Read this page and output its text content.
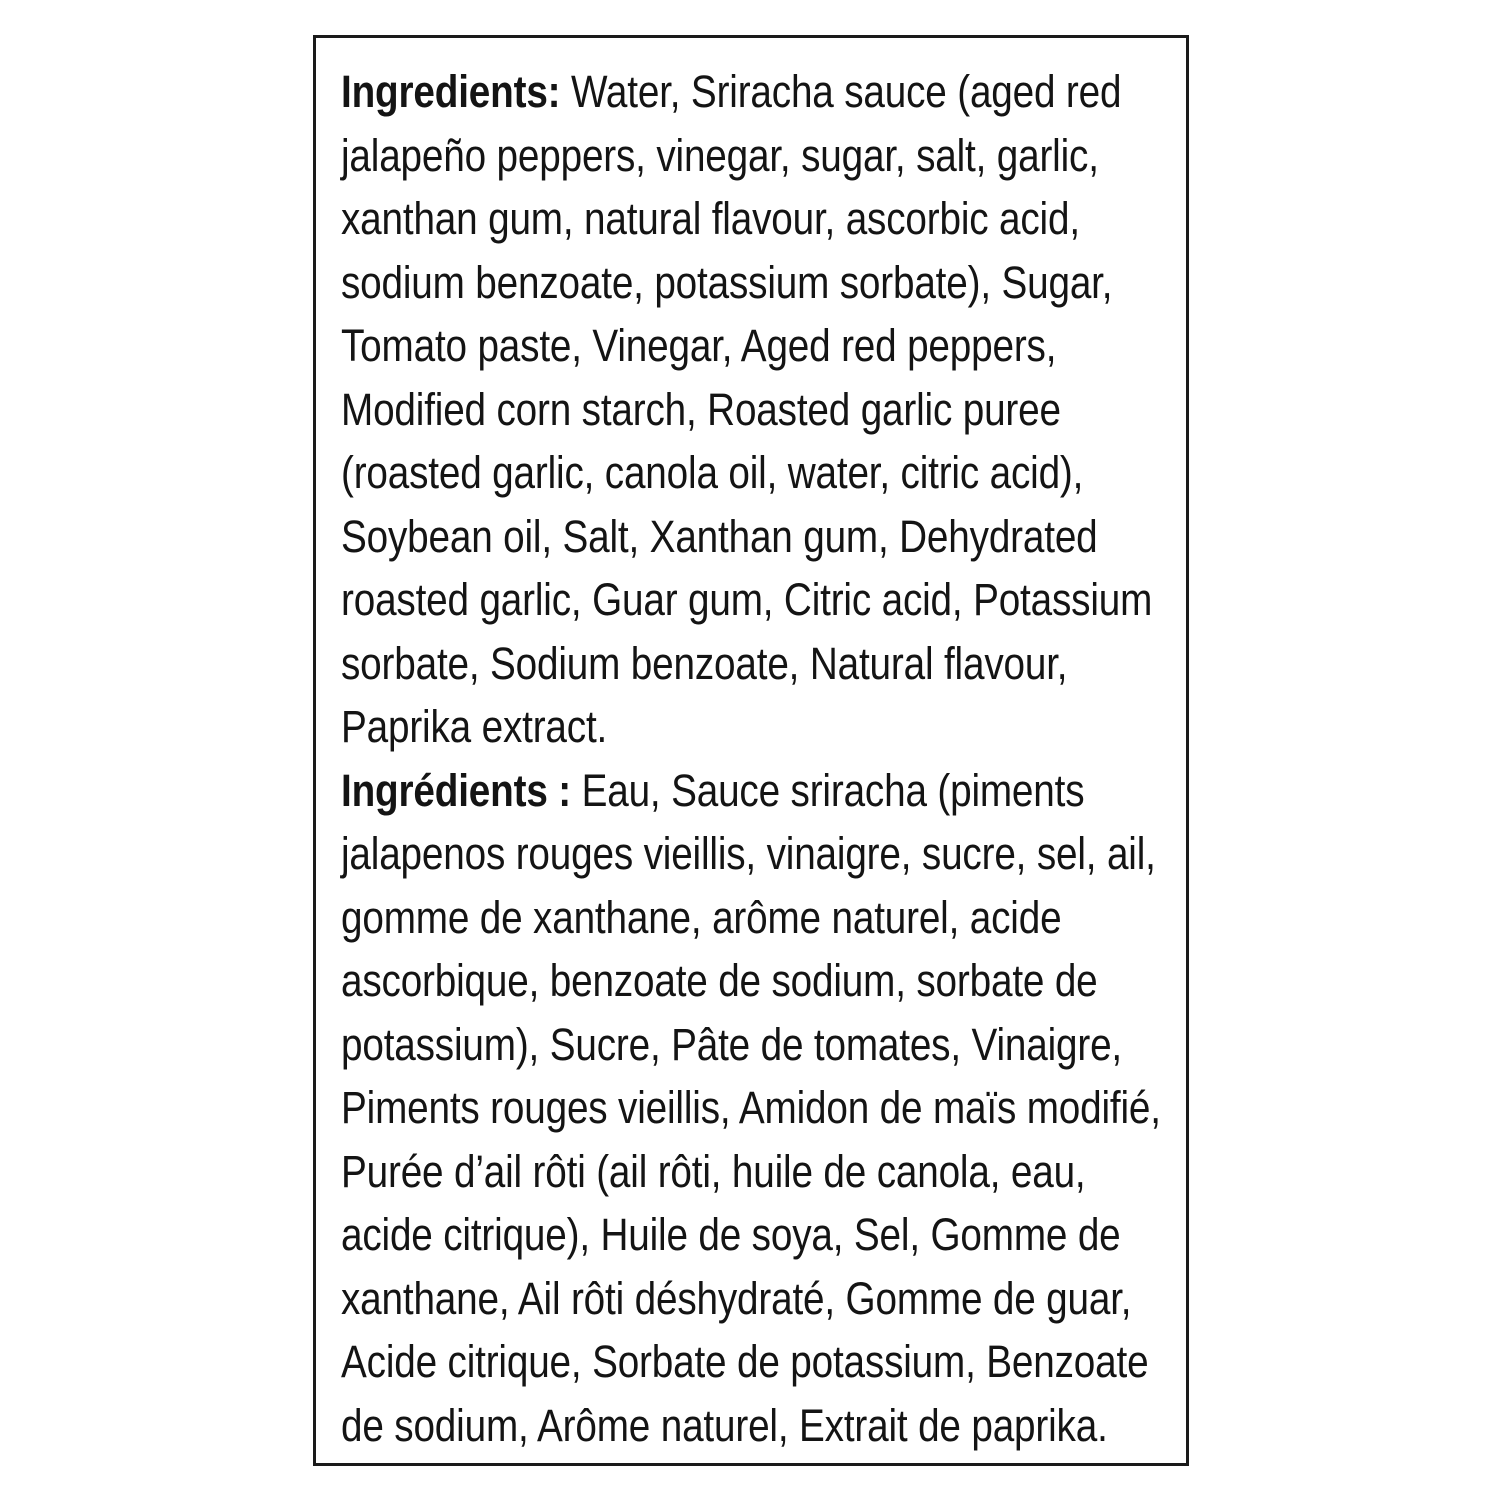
Ingredients: Water, Sriracha sauce (aged red
jalapeño peppers, vinegar, sugar, salt, garlic,
xanthan gum, natural flavour, ascorbic acid,
sodium benzoate, potassium sorbate), Sugar,
Tomato paste, Vinegar, Aged red peppers,
Modified corn starch, Roasted garlic puree
(roasted garlic, canola oil, water, citric acid),
Soybean oil, Salt, Xanthan gum, Dehydrated
roasted garlic, Guar gum, Citric acid, Potassium
sorbate, Sodium benzoate, Natural flavour,
Paprika extract.
Ingrédients : Eau, Sauce sriracha (piments
jalapenos rouges vieillis, vinaigre, sucre, sel, ail,
gomme de xanthane, arôme naturel, acide
ascorbique, benzoate de sodium, sorbate de
potassium), Sucre, Pâte de tomates, Vinaigre,
Piments rouges vieillis, Amidon de maïs modifié,
Purée d’ail rôti (ail rôti, huile de canola, eau,
acide citrique), Huile de soya, Sel, Gomme de
xanthane, Ail rôti déshydraté, Gomme de guar,
Acide citrique, Sorbate de potassium, Benzoate
de sodium, Arôme naturel, Extrait de paprika.
